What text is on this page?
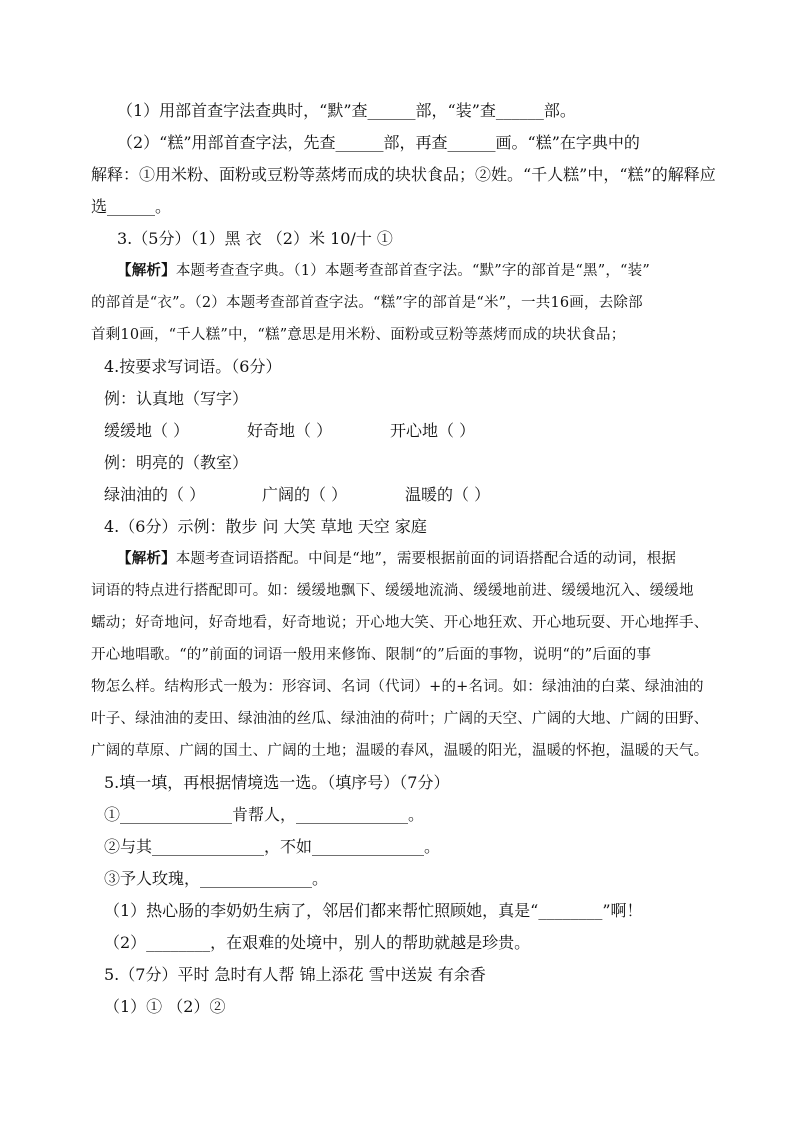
（1）用部首查字法查典时，“默”查______部，“装”查______部。
（2）“糕”用部首查字法，先查______部，再查______画。“糕”在字典中的
解释：①用米粉、面粉或豆粉等蒸烤而成的块状食品；②姓。“千人糕”中，“糕”的解释应
选______。
3.（5分）（1）黑 衣 （2）米 10/十 ①
【解析】本题考查查字典。（1）本题考查部首查字法。“默”字的部首是“黑”，“装”
的部首是“衣”。（2）本题考查部首查字法。“糕”字的部首是“米”，一共16画，去除部
首剩10画，“千人糕”中，“糕”意思是用米粉、面粉或豆粉等蒸烤而成的块状食品；
4.按要求写词语。（6分）
例：认真地（写字）
缓缓地（ ）	好奇地（ ）	开心地（ ）
例：明亮的（教室）
绿油油的（ ）	广阔的（ ）	温暖的（ ）
4.（6分）示例：散步 问 大笑 草地 天空 家庭
【解析】本题考查词语搭配。中间是“地”，需要根据前面的词语搭配合适的动词，根据
词语的特点进行搭配即可。如：缓缓地飘下、缓缓地流淌、缓缓地前进、缓缓地沉入、缓缓地
蠕动；好奇地问，好奇地看，好奇地说；开心地大笑、开心地狂欢、开心地玩耍、开心地挥手、
开心地唱歌。“的”前面的词语一般用来修饰、限制“的”后面的事物，说明“的”后面的事
物怎么样。结构形式一般为：形容词、名词（代词）+的+名词。如：绿油油的白菜、绿油油的
叶子、绿油油的麦田、绿油油的丝瓜、绿油油的荷叶；广阔的天空、广阔的大地、广阔的田野、
广阔的草原、广阔的国土、广阔的土地；温暖的春风，温暖的阳光，温暖的怀抱，温暖的天气。
5.填一填，再根据情境选一选。（填序号）（7分）
①______________肯帮人，______________。
②与其______________，不如______________。
③予人玫瑰，______________。
（1）热心肠的李奶奶生病了，邻居们都来帮忙照顾她，真是“________”啊！
（2）________，在艰难的处境中，别人的帮助就越是珍贵。
5.（7分）平时 急时有人帮 锦上添花 雪中送炭 有余香
（1）① （2）②
